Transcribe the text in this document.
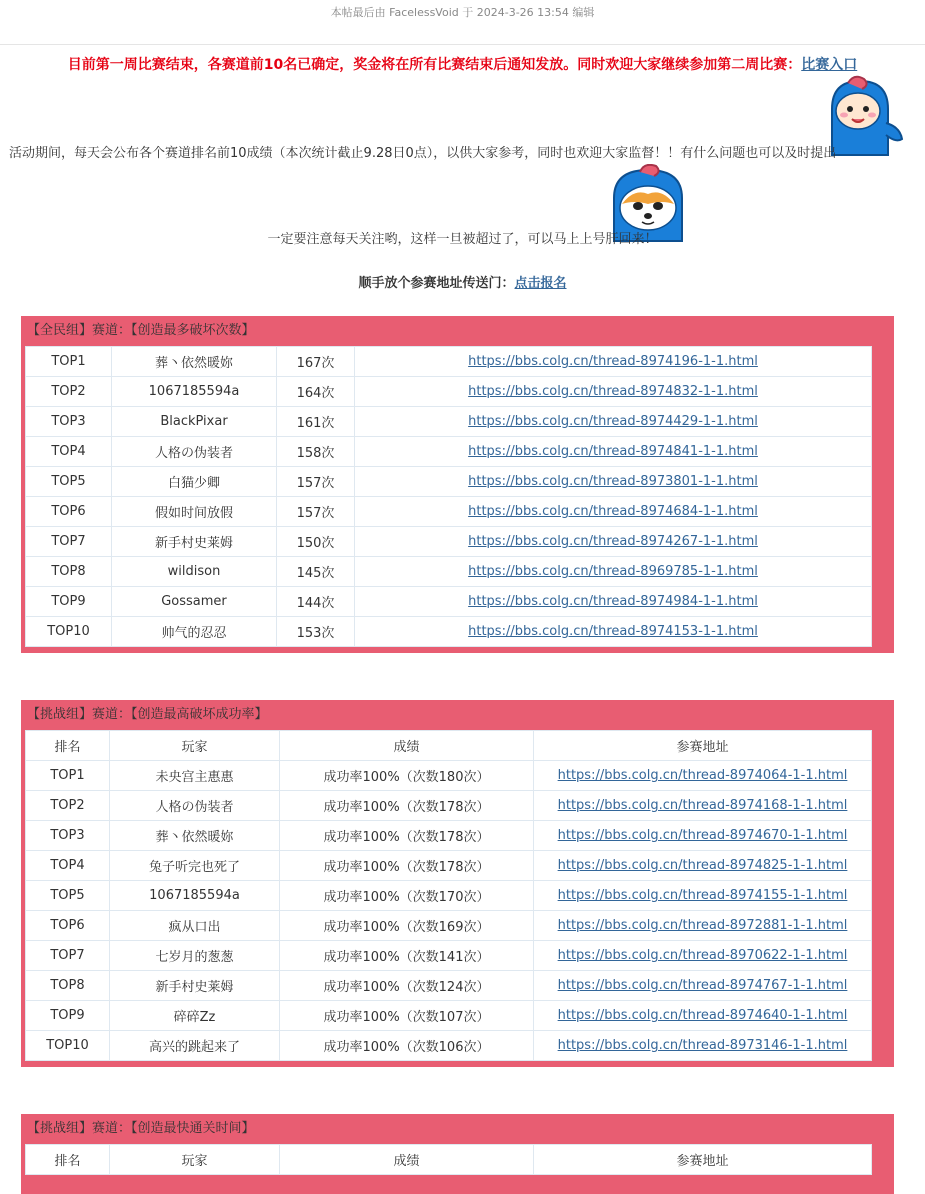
本帖最后由 FacelessVoid 于 2024-3-26 13:54 编辑
目前第一周比赛结束，各赛道前10名已确定，奖金将在所有比赛结束后通知发放。同时欢迎大家继续参加第二周比赛：比赛入口
活动期间，每天会公布各个赛道排名前10成绩（本次统计截止9.28日0点），以供大家参考，同时也欢迎大家监督！！有什么问题也可以及时提出
一定要注意每天关注哟，这样一旦被超过了，可以马上上号肝回来！
顺手放个参赛地址传送门：点击报名
【全民组】赛道：【创造最多破坏次数】
TOP1	葬丶依然暖妳	167次	https://bbs.colg.cn/thread-8974196-1-1.html
TOP2	1067185594a	164次	https://bbs.colg.cn/thread-8974832-1-1.html
TOP3	BlackPixar	161次	https://bbs.colg.cn/thread-8974429-1-1.html
TOP4	人格の伪装者	158次	https://bbs.colg.cn/thread-8974841-1-1.html
TOP5	白猫少卿	157次	https://bbs.colg.cn/thread-8973801-1-1.html
TOP6	假如时间放假	157次	https://bbs.colg.cn/thread-8974684-1-1.html
TOP7	新手村史莱姆	150次	https://bbs.colg.cn/thread-8974267-1-1.html
TOP8	wildison	145次	https://bbs.colg.cn/thread-8969785-1-1.html
TOP9	Gossamer	144次	https://bbs.colg.cn/thread-8974984-1-1.html
TOP10	帅气的忍忍	153次	https://bbs.colg.cn/thread-8974153-1-1.html
【挑战组】赛道：【创造最高破坏成功率】
排名	玩家	成绩	参赛地址
TOP1	未央宫主惠惠	成功率100%（次数180次）	https://bbs.colg.cn/thread-8974064-1-1.html
TOP2	人格の伪装者	成功率100%（次数178次）	https://bbs.colg.cn/thread-8974168-1-1.html
TOP3	葬丶依然暖妳	成功率100%（次数178次）	https://bbs.colg.cn/thread-8974670-1-1.html
TOP4	兔子听完也死了	成功率100%（次数178次）	https://bbs.colg.cn/thread-8974825-1-1.html
TOP5	1067185594a	成功率100%（次数170次）	https://bbs.colg.cn/thread-8974155-1-1.html
TOP6	疯从口出	成功率100%（次数169次）	https://bbs.colg.cn/thread-8972881-1-1.html
TOP7	七岁月的葱葱	成功率100%（次数141次）	https://bbs.colg.cn/thread-8970622-1-1.html
TOP8	新手村史莱姆	成功率100%（次数124次）	https://bbs.colg.cn/thread-8974767-1-1.html
TOP9	碎碎Zz	成功率100%（次数107次）	https://bbs.colg.cn/thread-8974640-1-1.html
TOP10	高兴的跳起来了	成功率100%（次数106次）	https://bbs.colg.cn/thread-8973146-1-1.html
【挑战组】赛道：【创造最快通关时间】
排名	玩家	成绩	参赛地址
